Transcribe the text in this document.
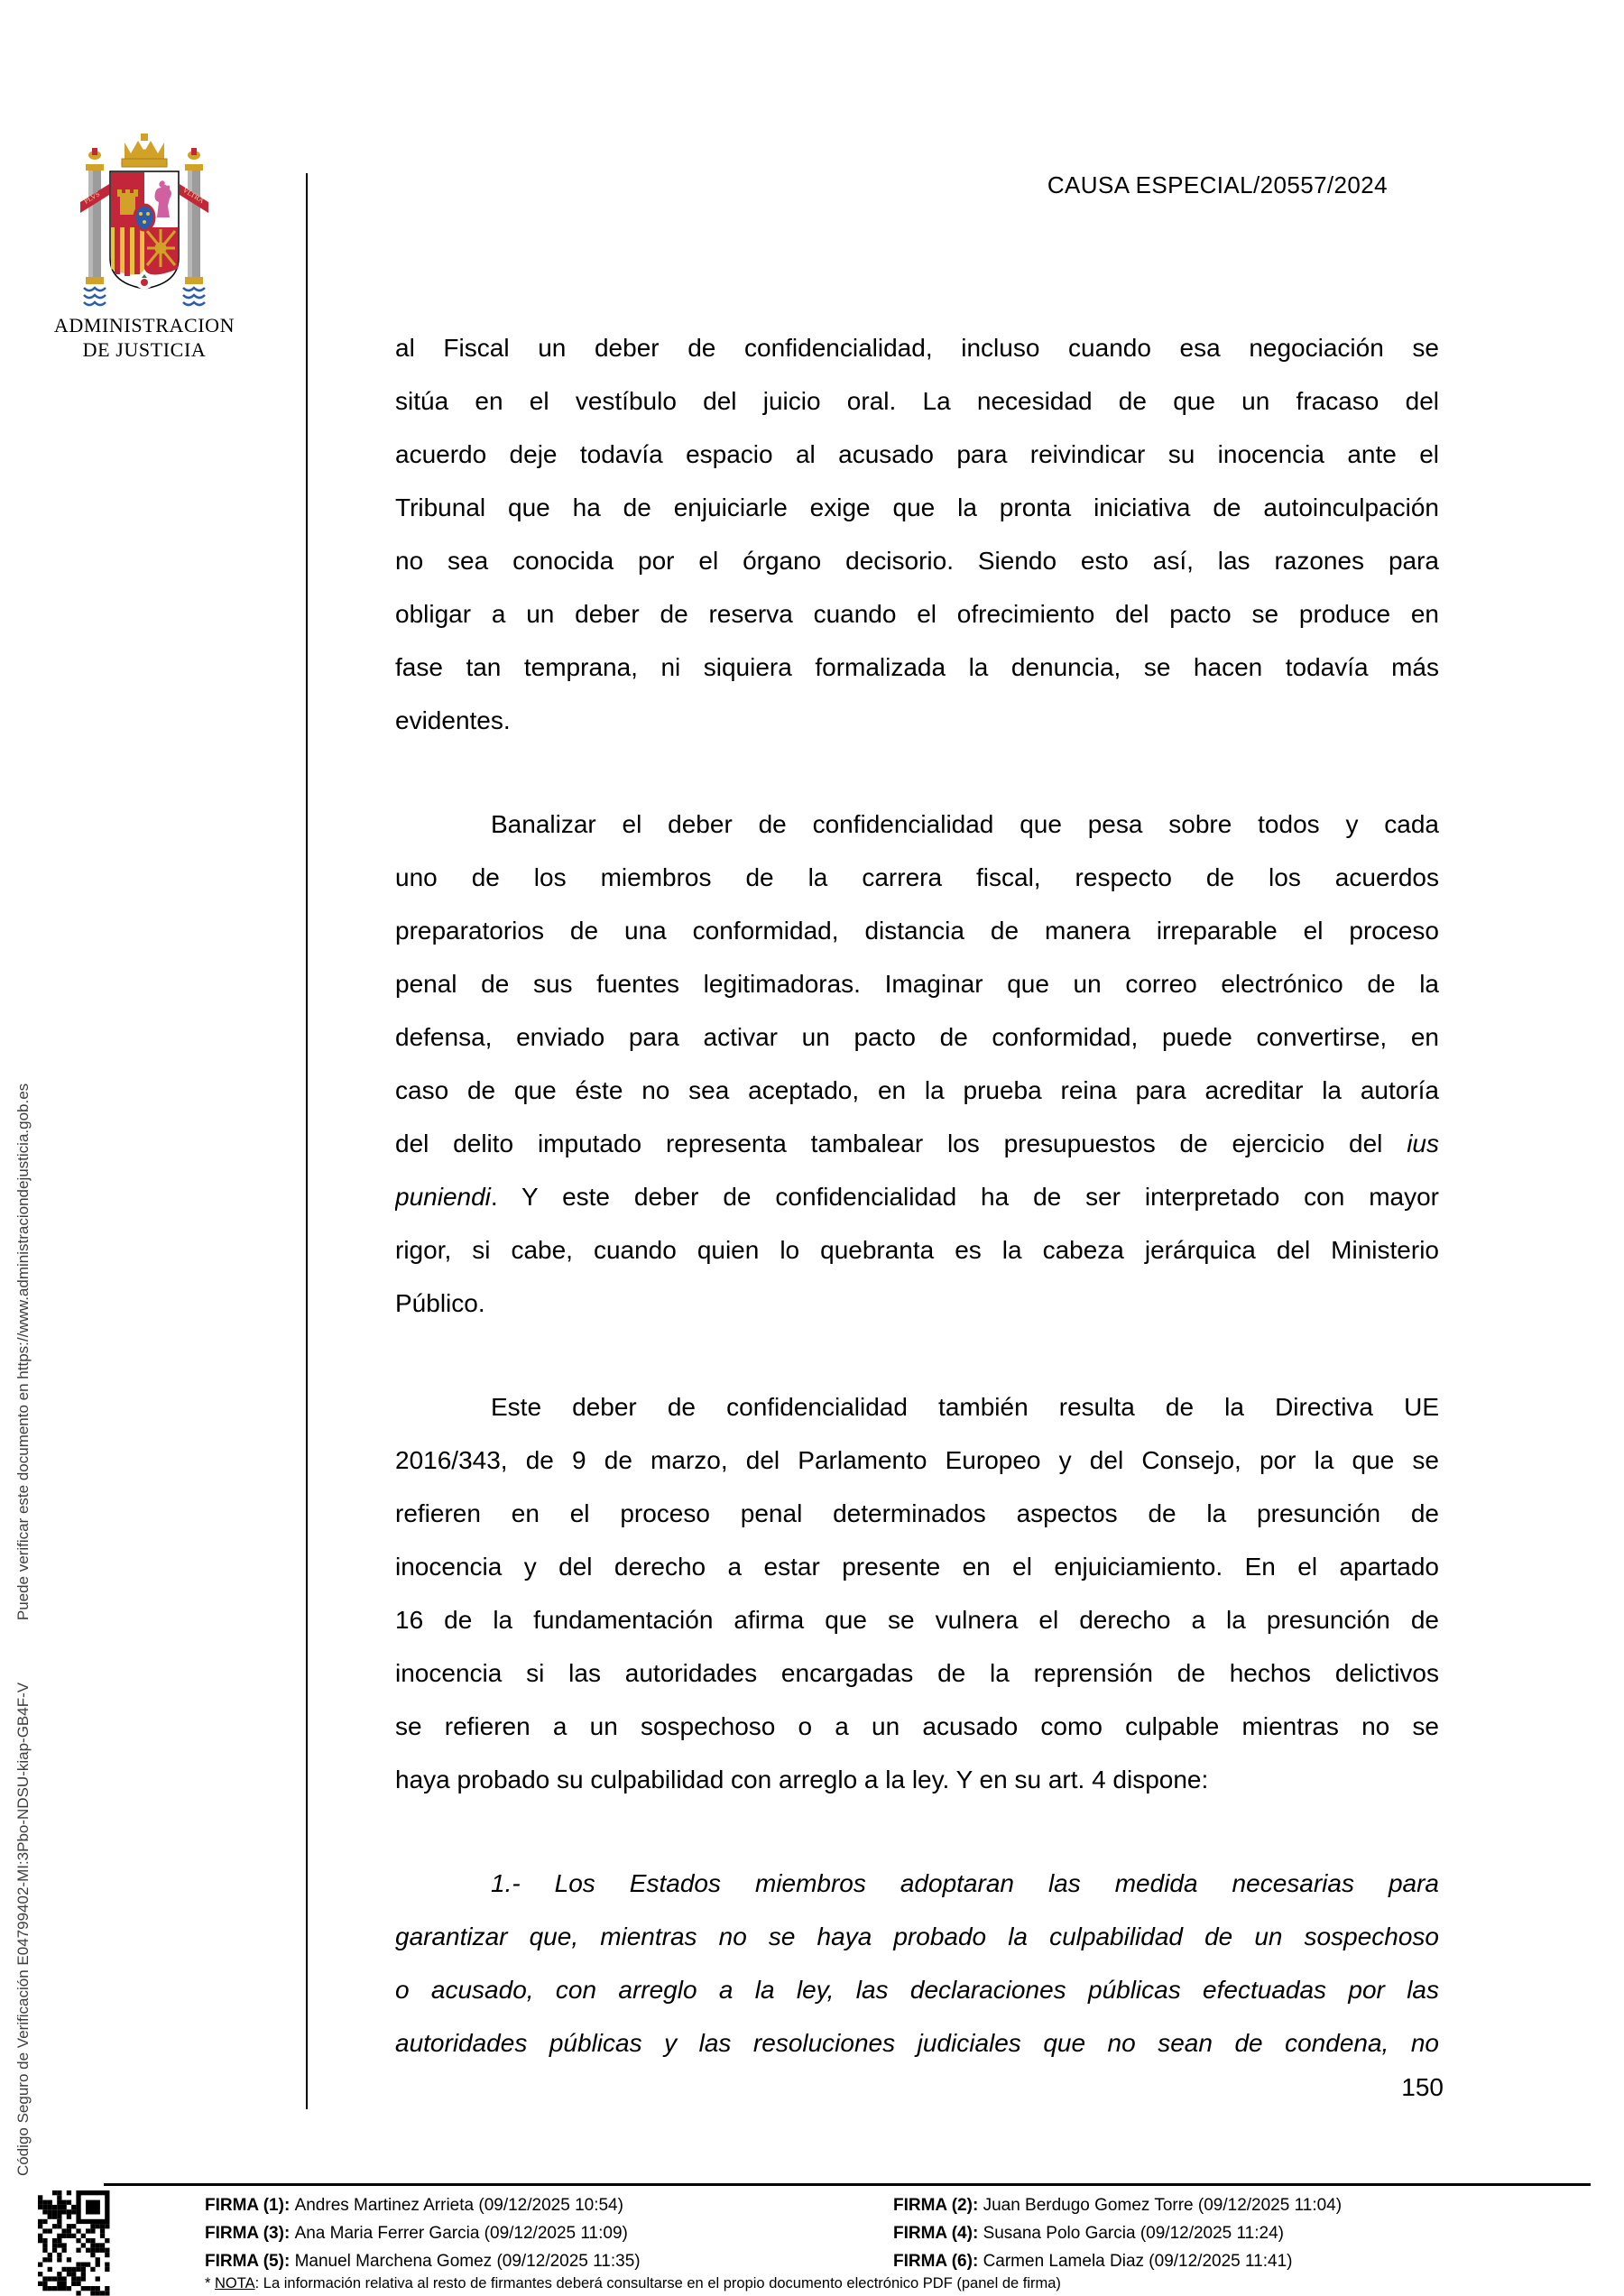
Código Seguro de Verificación E04799402-MI:3Pbo-NDSU-kiap-GB4F-V Puede verificar este documento en https://www.administraciondejusticia.gob.es
PLVS	VLTRA
ADMINISTRACION
DE JUSTICIA
CAUSA ESPECIAL/20557/2024
al Fiscal un deber de confidencialidad, incluso cuando esa negociación se
sitúa en el vestíbulo del juicio oral. La necesidad de que un fracaso del
acuerdo deje todavía espacio al acusado para reivindicar su inocencia ante el
Tribunal que ha de enjuiciarle exige que la pronta iniciativa de autoinculpación
no sea conocida por el órgano decisorio. Siendo esto así, las razones para
obligar a un deber de reserva cuando el ofrecimiento del pacto se produce en
fase tan temprana, ni siquiera formalizada la denuncia, se hacen todavía más
evidentes.
Banalizar el deber de confidencialidad que pesa sobre todos y cada
uno de los miembros de la carrera fiscal, respecto de los acuerdos
preparatorios de una conformidad, distancia de manera irreparable el proceso
penal de sus fuentes legitimadoras. Imaginar que un correo electrónico de la
defensa, enviado para activar un pacto de conformidad, puede convertirse, en
caso de que éste no sea aceptado, en la prueba reina para acreditar la autoría
del delito imputado representa tambalear los presupuestos de ejercicio del ius
puniendi. Y este deber de confidencialidad ha de ser interpretado con mayor
rigor, si cabe, cuando quien lo quebranta es la cabeza jerárquica del Ministerio
Público.
Este deber de confidencialidad también resulta de la Directiva UE
2016/343, de 9 de marzo, del Parlamento Europeo y del Consejo, por la que se
refieren en el proceso penal determinados aspectos de la presunción de
inocencia y del derecho a estar presente en el enjuiciamiento. En el apartado
16 de la fundamentación afirma que se vulnera el derecho a la presunción de
inocencia si las autoridades encargadas de la reprensión de hechos delictivos
se refieren a un sospechoso o a un acusado como culpable mientras no se
haya probado su culpabilidad con arreglo a la ley. Y en su art. 4 dispone:
1.- Los Estados miembros adoptaran las medida necesarias para
garantizar que, mientras no se haya probado la culpabilidad de un sospechoso
o acusado, con arreglo a la ley, las declaraciones públicas efectuadas por las
autoridades públicas y las resoluciones judiciales que no sean de condena, no
150
FIRMA (1): Andres Martinez Arrieta (09/12/2025 10:54)
FIRMA (3): Ana Maria Ferrer Garcia (09/12/2025 11:09)
FIRMA (5): Manuel Marchena Gomez (09/12/2025 11:35)
FIRMA (2): Juan Berdugo Gomez Torre (09/12/2025 11:04)
FIRMA (4): Susana Polo Garcia (09/12/2025 11:24)
FIRMA (6): Carmen Lamela Diaz (09/12/2025 11:41)
* NOTA: La información relativa al resto de firmantes deberá consultarse en el propio documento electrónico PDF (panel de firma)
